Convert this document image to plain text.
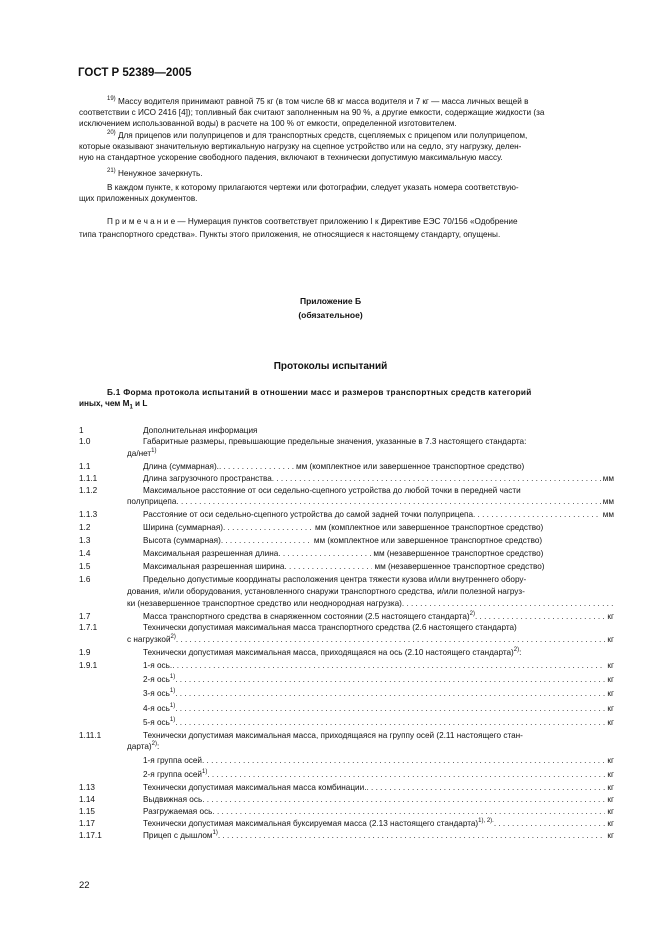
ГОСТ Р 52389—2005
$^{19)}$ Массу водителя принимают равной 75 кг (в том числе 68 кг масса водителя и 7 кг — масса личных вещей в
соответствии с ИСО 2416 [4]); топливный бак считают заполненным на 90 %, а другие емкости, содержащие жидкости (за
исключением использованной воды) в расчете на 100 % от емкости, определенной изготовителем.
$^{20)}$ Для прицепов или полуприцепов и для транспортных средств, сцепляемых с прицепом или полуприцепом,
которые оказывают значительную вертикальную нагрузку на сцепное устройство или на седло, эту нагрузку, делен-
ную на стандартное ускорение свободного падения, включают в технически допустимую максимальную массу.
$^{21)}$ Ненужное зачеркнуть.
В каждом пункте, к которому прилагаются чертежи или фотографии, следует указать номера соответствую-
щих приложенных документов.
П р и м е ч а н и е — Нумерация пунктов соответствует приложению I к Директиве ЕЭС 70/156 «Одобрение
типа транспортного средства». Пункты этого приложения, не относящиеся к настоящему стандарту, опущены.
Приложение Б
(обязательное)
Протоколы испытаний
Б.1 Форма протокола испытаний в отношении масс и размеров транспортных средств категорий
иных, чем $M_1$ и L
1	Дополнительная информация
1.0	Габаритные размеры, превышающие предельные значения, указанные в 7.3 настоящего стандарта:
да/нет$^{1)}$
1.1	Длина (суммарная). . . .	мм (комплектное или завершенное транспортное средство)
1.1.1	Длина загрузочного пространства . . .	мм
1.1.2	Максимальное расстояние от оси седельно-сцепного устройства до любой точки в передней части
полуприцепа . . .	мм
1.1.3	Расстояние от оси седельно-сцепного устройства до самой задней точки полуприцепа . . .	мм
1.2	Ширина (суммарная) . . .	мм (комплектное или завершенное транспортное средство)
1.3	Высота (суммарная) . . .	мм (комплектное или завершенное транспортное средство)
1.4	Максимальная разрешенная длина . . .	мм (незавершенное транспортное средство)
1.5	Максимальная разрешенная ширина . . .	мм (незавершенное транспортное средство)
1.6	Предельно допустимые координаты расположения центра тяжести кузова и/или внутреннего обору-
дования, и/или оборудования, установленного снаружи транспортного средства, и/или полезной нагруз-
ки (незавершенное транспортное средство или неоднородная нагрузка)
. . .
1.7	Масса транспортного средства в снаряженном состоянии (2.5 настоящего стандарта)$^{2)}$ . . .	кг
1.7.1	Технически допустимая максимальная масса транспортного средства (2.6 настоящего стандарта)
с нагрузкой$^{2)}$ . . .	кг
1.9	Технически допустимая максимальная масса, приходящаяся на ось (2.10 настоящего стандарта)$^{2)}$:
1.9.1	1-я ось. . . .	кг
2-я ось$^{1)}$ . . .	кг
3-я ось$^{1)}$ . . .	кг
4-я ось$^{1)}$ . . .	кг
5-я ось$^{1)}$ . . .	кг
1.11.1	Технически допустимая максимальная масса, приходящаяся на группу осей (2.11 настоящего стан-
дарта)$^{2)}$:
1-я группа осей . . .	кг
2-я группа осей$^{1)}$ . . .	кг
1.13	Технически допустимая максимальная масса комбинации. . . .	кг
1.14	Выдвижная ось . . .	кг
1.15	Разгружаемая ось . . .	кг
1.17	Технически допустимая максимальная буксируемая масса (2.13 настоящего стандарта)$^{1), 2).}$ . . .	кг
1.17.1	Прицеп с дышлом$^{1)}$ . . .	кг
22
